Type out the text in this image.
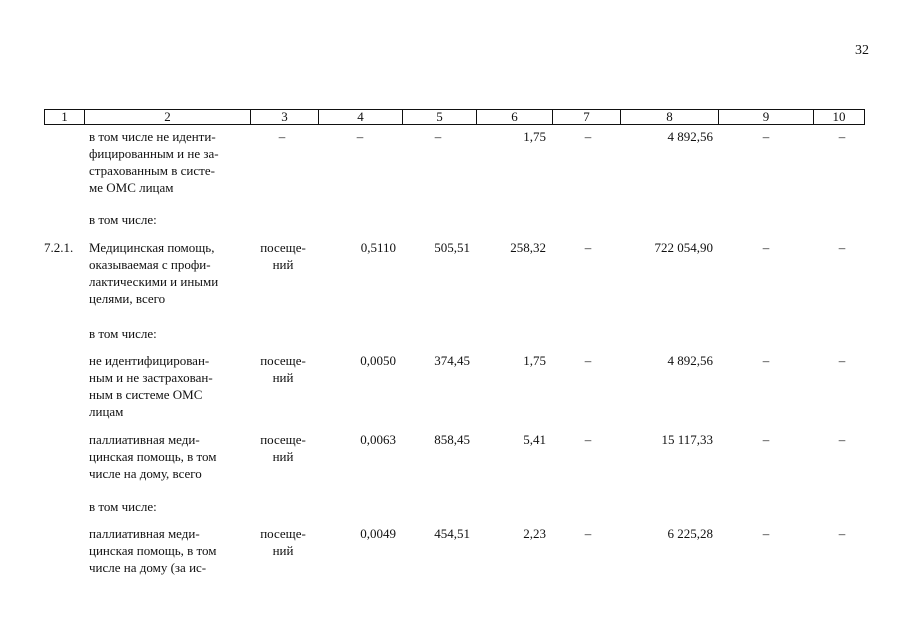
32
1	2	3	4	5	6	7	8	9	10
в том числе не иденти-
фицированным и не за-
страхованным в систе-
ме ОМС лицам
–	–	–	1,75	–	4 892,56	–	–
в том числе:
7.2.1.	Медицинская помощь,
оказываемая с профи-
лактическими и иными
целями, всего
посеще-
ний
0,5110	505,51	258,32	–	722 054,90	–	–
в том числе:
не идентифицирован-
ным и не застрахован-
ным в системе ОМС
лицам
посеще-
ний
0,0050	374,45	1,75	–	4 892,56	–	–
паллиативная меди-
цинская помощь, в том
числе на дому, всего
посеще-
ний
0,0063	858,45	5,41	–	15 117,33	–	–
в том числе:
паллиативная меди-
цинская помощь, в том
числе на дому (за ис-
посеще-
ний
0,0049	454,51	2,23	–	6 225,28	–	–
